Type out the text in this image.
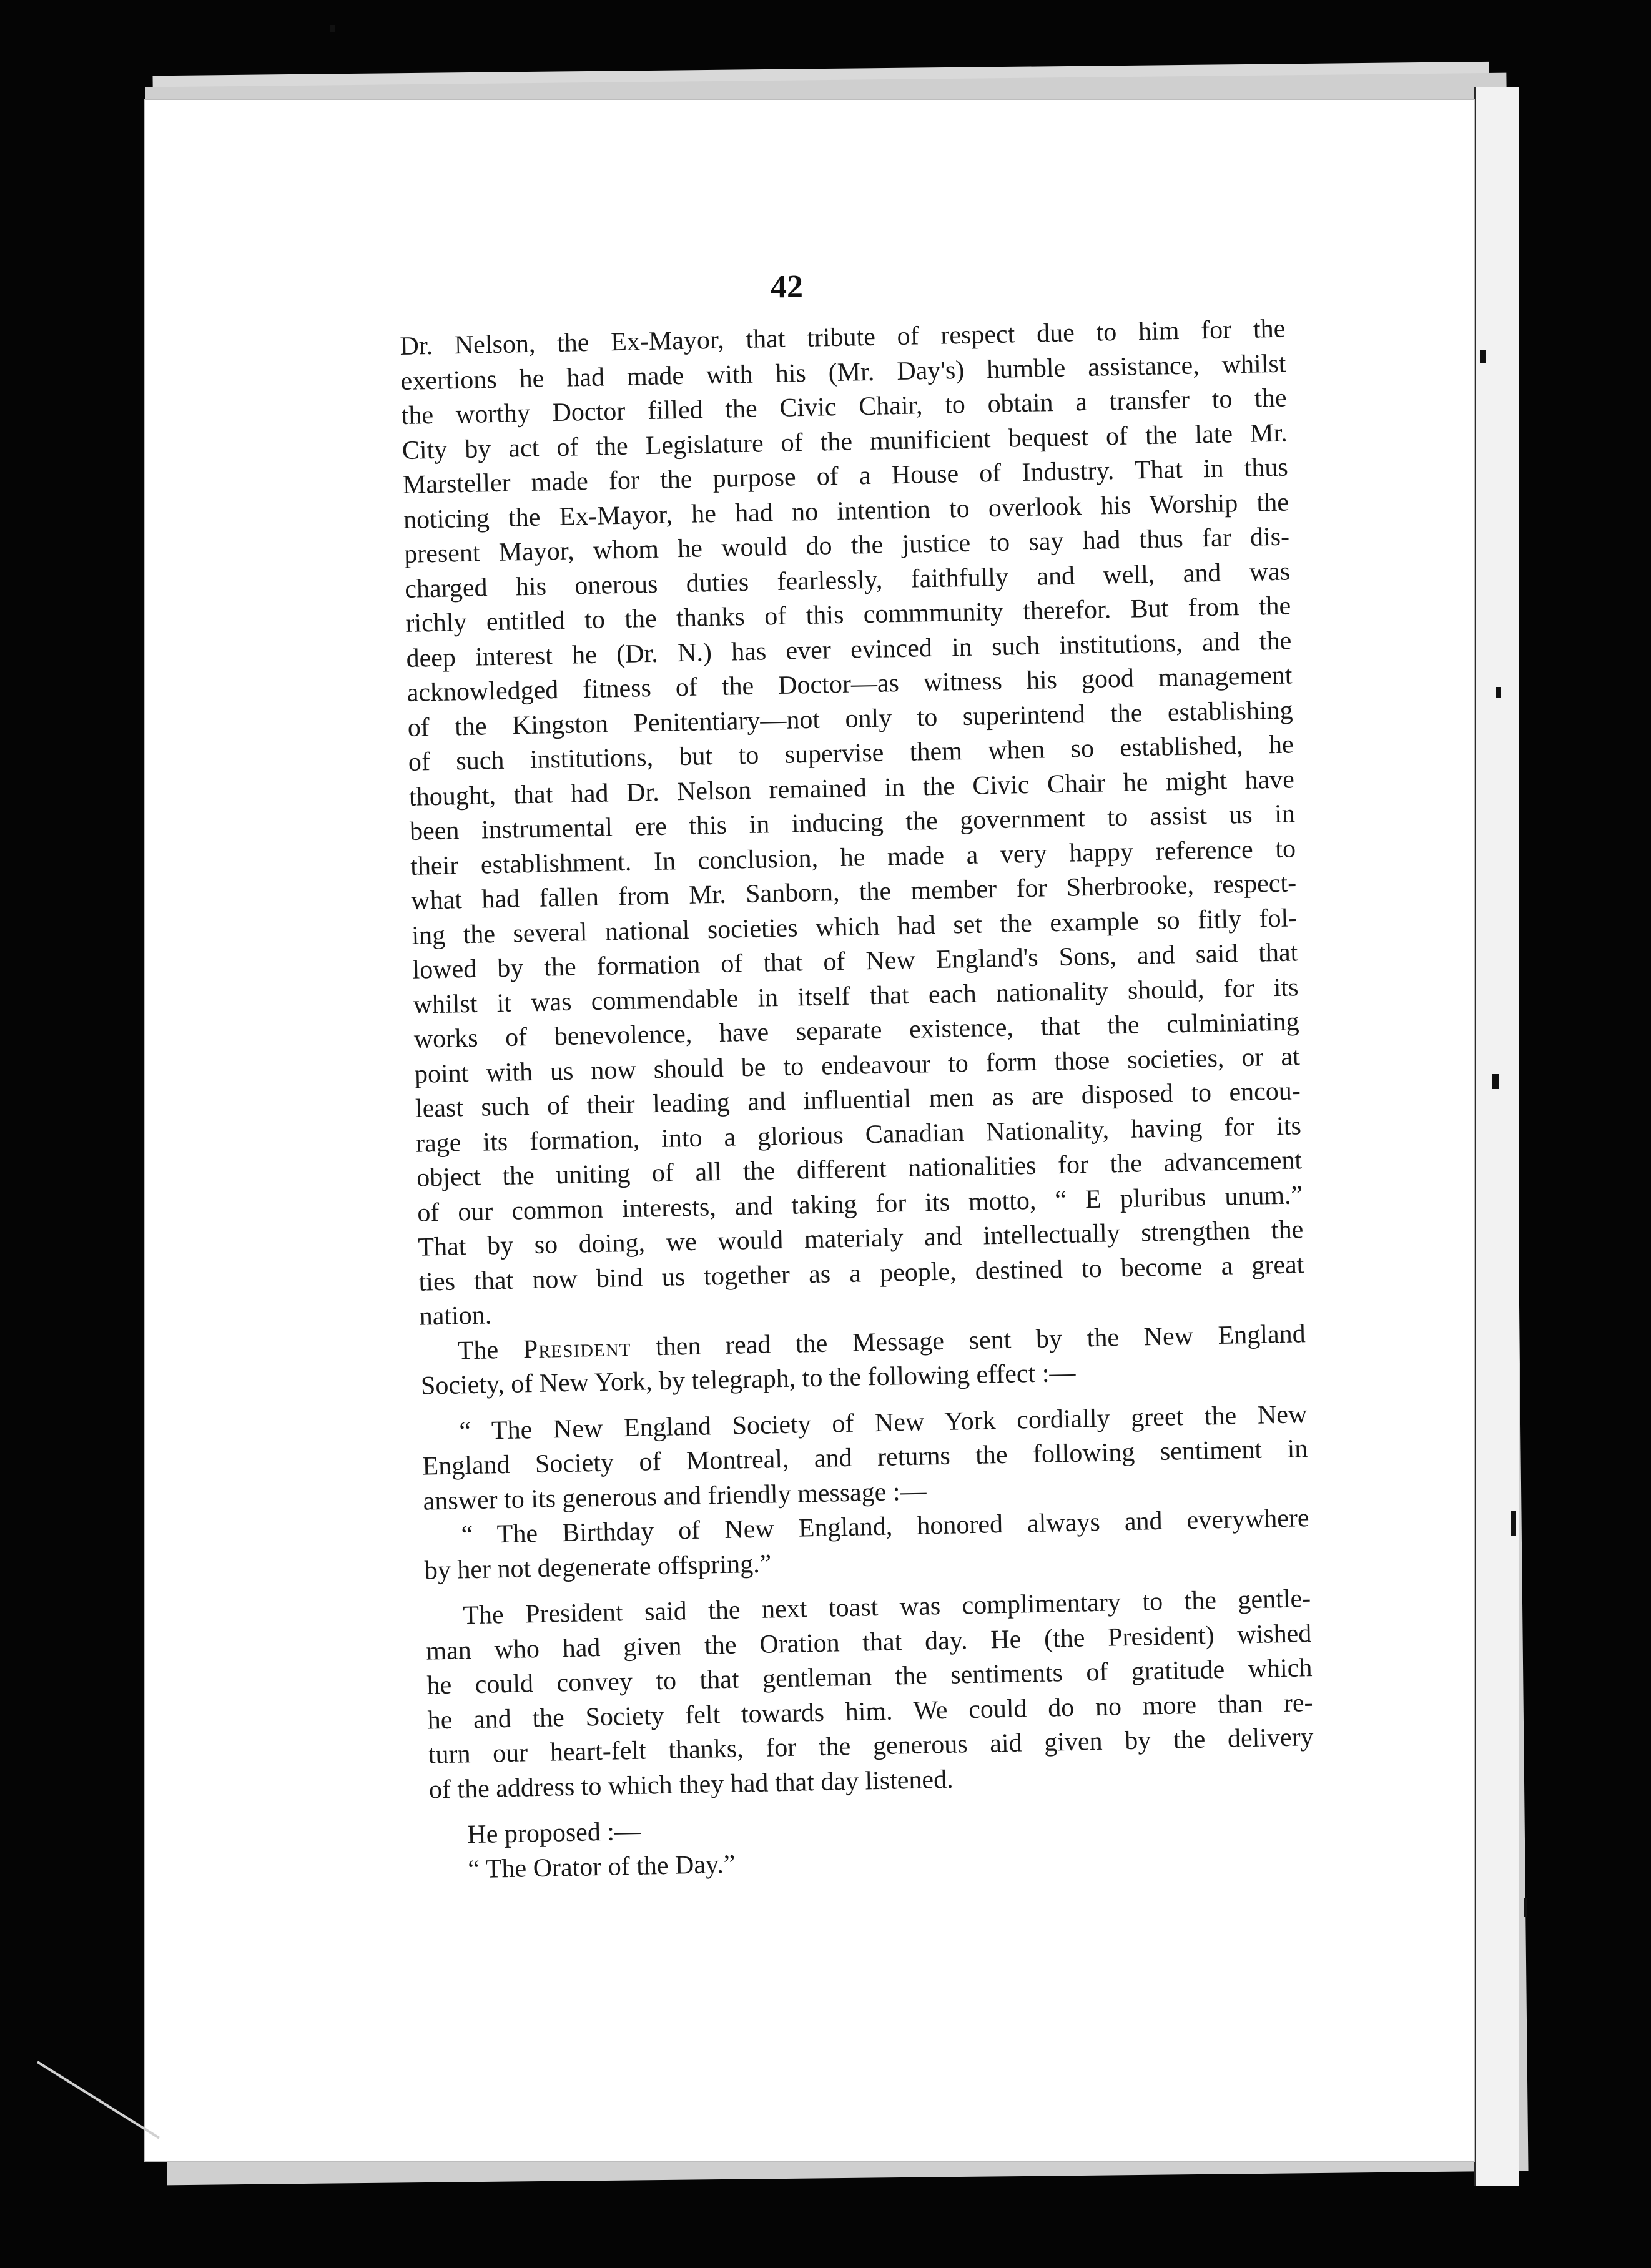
42
Dr. Nelson, the Ex-Mayor, that tribute of respect due to him for the
exertions he had made with his (Mr. Day's) humble assistance, whilst
the worthy Doctor filled the Civic Chair, to obtain a transfer to the
City by act of the Legislature of the munificient bequest of the late Mr.
Marsteller made for the purpose of a House of Industry. That in thus
noticing the Ex-Mayor, he had no intention to overlook his Worship the
present Mayor, whom he would do the justice to say had thus far dis-
charged his onerous duties fearlessly, faithfully and well, and was
richly entitled to the thanks of this commmunity therefor. But from the
deep interest he (Dr. N.) has ever evinced in such institutions, and the
acknowledged fitness of the Doctor—as witness his good management
of the Kingston Penitentiary—not only to superintend the establishing
of such institutions, but to supervise them when so established, he
thought, that had Dr. Nelson remained in the Civic Chair he might have
been instrumental ere this in inducing the government to assist us in
their establishment. In conclusion, he made a very happy reference to
what had fallen from Mr. Sanborn, the member for Sherbrooke, respect-
ing the several national societies which had set the example so fitly fol-
lowed by the formation of that of New England's Sons, and said that
whilst it was commendable in itself that each nationality should, for its
works of benevolence, have separate existence, that the culminiating
point with us now should be to endeavour to form those societies, or at
least such of their leading and influential men as are disposed to encou-
rage its formation, into a glorious Canadian Nationality, having for its
object the uniting of all the different nationalities for the advancement
of our common interests, and taking for its motto, “ E pluribus unum.”
That by so doing, we would materialy and intellectually strengthen the
ties that now bind us together as a people, destined to become a great
nation.
The President then read the Message sent by the New England
Society, of New York, by telegraph, to the following effect :—
“ The New England Society of New York cordially greet the New
England Society of Montreal, and returns the following sentiment in
answer to its generous and friendly message :—
“ The Birthday of New England, honored always and everywhere
by her not degenerate offspring.”
The President said the next toast was complimentary to the gentle-
man who had given the Oration that day. He (the President) wished
he could convey to that gentleman the sentiments of gratitude which
he and the Society felt towards him. We could do no more than re-
turn our heart-felt thanks, for the generous aid given by the delivery
of the address to which they had that day listened.
He proposed :—
“ The Orator of the Day.”
